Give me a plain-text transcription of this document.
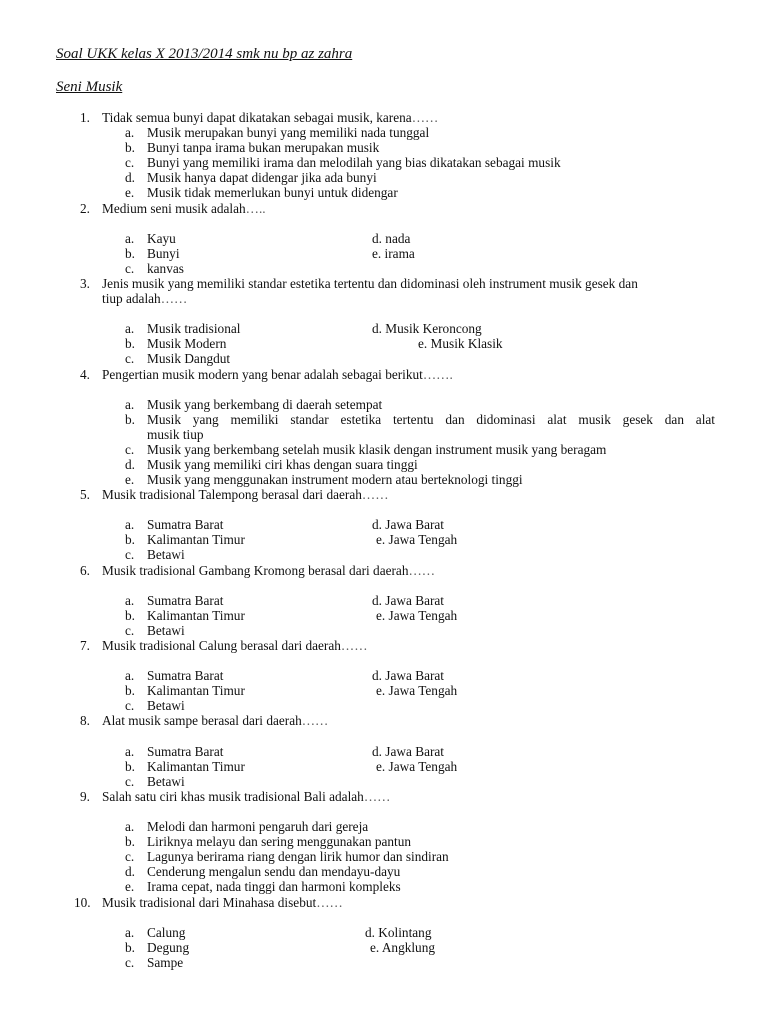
Soal UKK kelas X 2013/2014 smk nu bp az zahra
Seni Musik
1. Tidak semua bunyi dapat dikatakan sebagai musik, karena……
a. Musik merupakan bunyi yang memiliki nada tunggal
b. Bunyi tanpa irama bukan merupakan musik
c. Bunyi yang memiliki irama dan melodilah yang bias dikatakan sebagai musik
d. Musik hanya dapat didengar jika ada bunyi
e. Musik tidak memerlukan bunyi untuk didengar
2. Medium seni musik adalah…..
a. Kayu
b. Bunyi
c. kanvas
d. nada
e. irama
3. Jenis musik yang memiliki standar estetika tertentu dan didominasi oleh instrument musik gesek dan
tiup adalah……
a. Musik tradisional
b. Musik Modern
c. Musik Dangdut
d. Musik Keroncong
e. Musik Klasik
4. Pengertian musik modern yang benar adalah sebagai berikut…….
a. Musik yang berkembang di daerah setempat
b. Musik yang memiliki standar estetika tertentu dan didominasi alat musik gesek dan alat
musik tiup
c. Musik yang berkembang setelah musik klasik dengan instrument musik yang beragam
d. Musik yang memiliki ciri khas dengan suara tinggi
e. Musik yang menggunakan instrument modern atau berteknologi tinggi
5. Musik tradisional Talempong berasal dari daerah……
a. Sumatra Barat
b. Kalimantan Timur
c. Betawi
d. Jawa Barat
e. Jawa Tengah
6. Musik tradisional Gambang Kromong berasal dari daerah……
a. Sumatra Barat
b. Kalimantan Timur
c. Betawi
d. Jawa Barat
e. Jawa Tengah
7. Musik tradisional Calung berasal dari daerah……
a. Sumatra Barat
b. Kalimantan Timur
c. Betawi
d. Jawa Barat
e. Jawa Tengah
8. Alat musik sampe berasal dari daerah……
a. Sumatra Barat
b. Kalimantan Timur
c. Betawi
d. Jawa Barat
e. Jawa Tengah
9. Salah satu ciri khas musik tradisional Bali adalah……
a. Melodi dan harmoni pengaruh dari gereja
b. Liriknya melayu dan sering menggunakan pantun
c. Lagunya berirama riang dengan lirik humor dan sindiran
d. Cenderung mengalun sendu dan mendayu-dayu
e. Irama cepat, nada tinggi dan harmoni kompleks
10. Musik tradisional dari Minahasa disebut……
a. Calung
b. Degung
c. Sampe
d. Kolintang
e. Angklung
